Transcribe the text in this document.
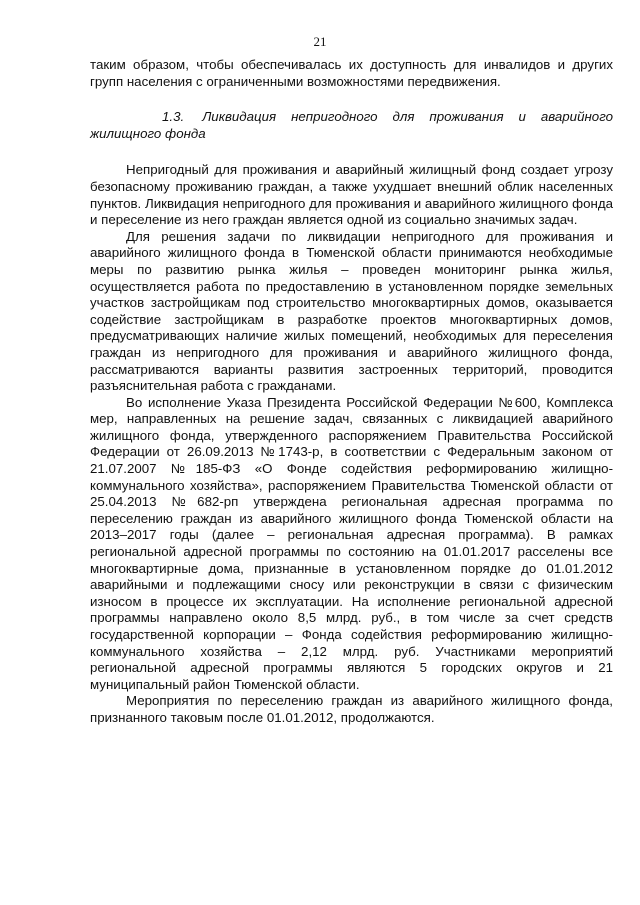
21

таким образом, чтобы обеспечивалась их доступность для инвалидов и других групп населения с ограниченными возможностями передвижения.

1.3. Ликвидация непригодного для проживания и аварийного жилищного фонда

Непригодный для проживания и аварийный жилищный фонд создает угрозу безопасному проживанию граждан, а также ухудшает внешний облик населенных пунктов. Ликвидация непригодного для проживания и аварийного жилищного фонда и переселение из него граждан является одной из социально значимых задач.

Для решения задачи по ликвидации непригодного для проживания и аварийного жилищного фонда в Тюменской области принимаются необходимые меры по развитию рынка жилья – проведен мониторинг рынка жилья, осуществляется работа по предоставлению в установленном порядке земельных участков застройщикам под строительство многоквартирных домов, оказывается содействие застройщикам в разработке проектов многоквартирных домов, предусматривающих наличие жилых помещений, необходимых для переселения граждан из непригодного для проживания и аварийного жилищного фонда, рассматриваются варианты развития застроенных территорий, проводится разъяснительная работа с гражданами.

Во исполнение Указа Президента Российской Федерации №600, Комплекса мер, направленных на решение задач, связанных с ликвидацией аварийного жилищного фонда, утвержденного распоряжением Правительства Российской Федерации от 26.09.2013 №1743-р, в соответствии с Федеральным законом от 21.07.2007 №185-ФЗ «О Фонде содействия реформированию жилищно-коммунального хозяйства», распоряжением Правительства Тюменской области от 25.04.2013 №682-рп утверждена региональная адресная программа по переселению граждан из аварийного жилищного фонда Тюменской области на 2013–2017 годы (далее – региональная адресная программа). В рамках региональной адресной программы по состоянию на 01.01.2017 расселены все многоквартирные дома, признанные в установленном порядке до 01.01.2012 аварийными и подлежащими сносу или реконструкции в связи с физическим износом в процессе их эксплуатации. На исполнение региональной адресной программы направлено около 8,5 млрд. руб., в том числе за счет средств государственной корпорации – Фонда содействия реформированию жилищно-коммунального хозяйства – 2,12 млрд. руб. Участниками мероприятий региональной адресной программы являются 5 городских округов и 21 муниципальный район Тюменской области.

Мероприятия по переселению граждан из аварийного жилищного фонда, признанного таковым после 01.01.2012, продолжаются.
